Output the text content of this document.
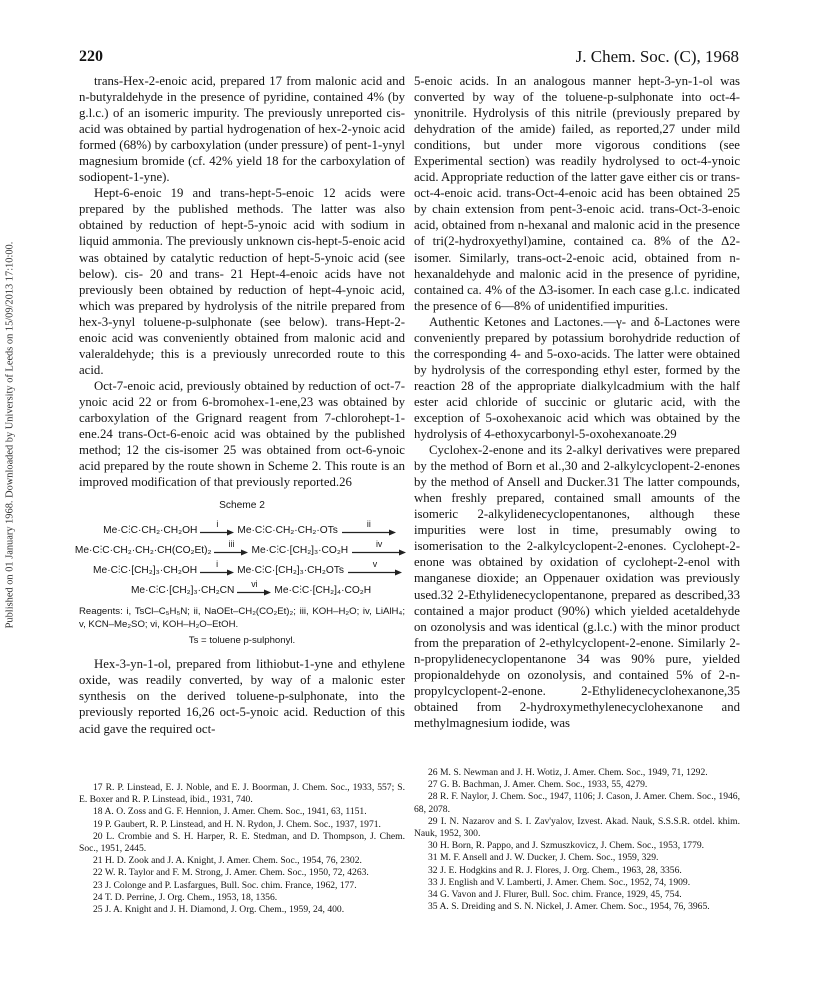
Published on 01 January 1968. Downloaded by University of Leeds on 15/09/2013 17:10:00.
220	J. Chem. Soc. (C), 1968

trans-Hex-2-enoic acid, prepared 17 from malonic acid and n-butyraldehyde in the presence of pyridine, contained 4% (by g.l.c.) of an isomeric impurity. The previously unreported cis-acid was obtained by partial hydrogenation of hex-2-ynoic acid formed (68%) by carboxylation (under pressure) of pent-1-ynyl magnesium bromide (cf. 42% yield 18 for the carboxylation of sodiopent-1-yne).

Hept-6-enoic 19 and trans-hept-5-enoic 12 acids were prepared by the published methods. The latter was also obtained by reduction of hept-5-ynoic acid with sodium in liquid ammonia. The previously unknown cis-hept-5-enoic acid was obtained by catalytic reduction of hept-5-ynoic acid (see below). cis- 20 and trans- 21 Hept-4-enoic acids have not previously been obtained by reduction of hept-4-ynoic acid, which was prepared by hydrolysis of the nitrile prepared from hex-3-ynyl toluene-p-sulphonate (see below). trans-Hept-2-enoic acid was conveniently obtained from malonic acid and valeraldehyde; this is a previously unrecorded route to this acid.

Oct-7-enoic acid, previously obtained by reduction of oct-7-ynoic acid 22 or from 6-bromohex-1-ene,23 was obtained by carboxylation of the Grignard reagent from 7-chlorohept-1-ene.24 trans-Oct-6-enoic acid was obtained by the published method; 12 the cis-isomer 25 was obtained from oct-6-ynoic acid prepared by the route shown in Scheme 2. This route is an improved modification of that previously reported.26

Scheme 2
Me·C⫶C·CH₂·CH₂OH
i
Me·C⫶C·CH₂·CH₂·OTs
ii
Me·C⫶C·CH₂·CH₂·CH(CO₂Et)₂
iii
Me·C⫶C·[CH₂]₃·CO₂H
iv
Me·C⫶C·[CH₂]₃·CH₂OH
i
Me·C⫶C·[CH₂]₃·CH₂OTs
v
Me·C⫶C·[CH₂]₃·CH₂CN
vi
Me·C⫶C·[CH₂]₄·CO₂H
Reagents: i, TsCl–C₅H₅N; ii, NaOEt–CH₂(CO₂Et)₂; iii, KOH–H₂O; iv, LiAlH₄; v, KCN–Me₂SO; vi, KOH–H₂O–EtOH.
Ts = toluene p-sulphonyl.

Hex-3-yn-1-ol, prepared from lithiobut-1-yne and ethylene oxide, was readily converted, by way of a malonic ester synthesis on the derived toluene-p-sulphonate, into the previously reported 16,26 oct-5-ynoic acid. Reduction of this acid gave the required oct-

5-enoic acids. In an analogous manner hept-3-yn-1-ol was converted by way of the toluene-p-sulphonate into oct-4-ynonitrile. Hydrolysis of this nitrile (previously prepared by dehydration of the amide) failed, as reported,27 under mild conditions, but under more vigorous conditions (see Experimental section) was readily hydrolysed to oct-4-ynoic acid. Appropriate reduction of the latter gave either cis or trans-oct-4-enoic acid. trans-Oct-4-enoic acid has been obtained 25 by chain extension from pent-3-enoic acid. trans-Oct-3-enoic acid, obtained from n-hexanal and malonic acid in the presence of tri(2-hydroxyethyl)amine, contained ca. 8% of the Δ2-isomer. Similarly, trans-oct-2-enoic acid, obtained from n-hexanaldehyde and malonic acid in the presence of pyridine, contained ca. 4% of the Δ3-isomer. In each case g.l.c. indicated the presence of 6—8% of unidentified impurities.

Authentic Ketones and Lactones.—γ- and δ-Lactones were conveniently prepared by potassium borohydride reduction of the corresponding 4- and 5-oxo-acids. The latter were obtained by hydrolysis of the corresponding ethyl ester, formed by the reaction 28 of the appropriate dialkylcadmium with the half ester acid chloride of succinic or glutaric acid, with the exception of 5-oxohexanoic acid which was obtained by the hydrolysis of 4-ethoxycarbonyl-5-oxohexanoate.29

Cyclohex-2-enone and its 2-alkyl derivatives were prepared by the method of Born et al.,30 and 2-alkylcyclopent-2-enones by the method of Ansell and Ducker.31 The latter compounds, when freshly prepared, contained small amounts of the isomeric 2-alkylidenecyclopentanones, although these impurities were lost in time, presumably owing to isomerisation to the 2-alkylcyclopent-2-enones. Cyclohept-2-enone was obtained by oxidation of cyclohept-2-enol with manganese dioxide; an Oppenauer oxidation was previously used.32 2-Ethylidenecyclopentanone, prepared as described,33 contained a major product (90%) which yielded acetaldehyde on ozonolysis and was identical (g.l.c.) with the minor product from the preparation of 2-ethylcyclopent-2-enone. Similarly 2-n-propylidenecyclopentanone 34 was 90% pure, yielded propionaldehyde on ozonolysis, and contained 5% of 2-n-propylcyclopent-2-enone. 2-Ethylidenecyclohexanone,35 obtained from 2-hydroxymethylenecyclohexanone and methylmagnesium iodide, was

17 R. P. Linstead, E. J. Noble, and E. J. Boorman, J. Chem. Soc., 1933, 557; S. E. Boxer and R. P. Linstead, ibid., 1931, 740.

18 A. O. Zoss and G. F. Hennion, J. Amer. Chem. Soc., 1941, 63, 1151.

19 P. Gaubert, R. P. Linstead, and H. N. Rydon, J. Chem. Soc., 1937, 1971.

20 L. Crombie and S. H. Harper, R. E. Stedman, and D. Thompson, J. Chem. Soc., 1951, 2445.

21 H. D. Zook and J. A. Knight, J. Amer. Chem. Soc., 1954, 76, 2302.

22 W. R. Taylor and F. M. Strong, J. Amer. Chem. Soc., 1950, 72, 4263.

23 J. Colonge and P. Lasfargues, Bull. Soc. chim. France, 1962, 177.

24 T. D. Perrine, J. Org. Chem., 1953, 18, 1356.

25 J. A. Knight and J. H. Diamond, J. Org. Chem., 1959, 24, 400.

26 M. S. Newman and J. H. Wotiz, J. Amer. Chem. Soc., 1949, 71, 1292.

27 G. B. Bachman, J. Amer. Chem. Soc., 1933, 55, 4279.

28 R. F. Naylor, J. Chem. Soc., 1947, 1106; J. Cason, J. Amer. Chem. Soc., 1946, 68, 2078.

29 I. N. Nazarov and S. I. Zav'yalov, Izvest. Akad. Nauk, S.S.S.R. otdel. khim. Nauk, 1952, 300.

30 H. Born, R. Pappo, and J. Szmuszkovicz, J. Chem. Soc., 1953, 1779.

31 M. F. Ansell and J. W. Ducker, J. Chem. Soc., 1959, 329.

32 J. E. Hodgkins and R. J. Flores, J. Org. Chem., 1963, 28, 3356.

33 J. English and V. Lamberti, J. Amer. Chem. Soc., 1952, 74, 1909.

34 G. Vavon and J. Flurer, Bull. Soc. chim. France, 1929, 45, 754.

35 A. S. Dreiding and S. N. Nickel, J. Amer. Chem. Soc., 1954, 76, 3965.
